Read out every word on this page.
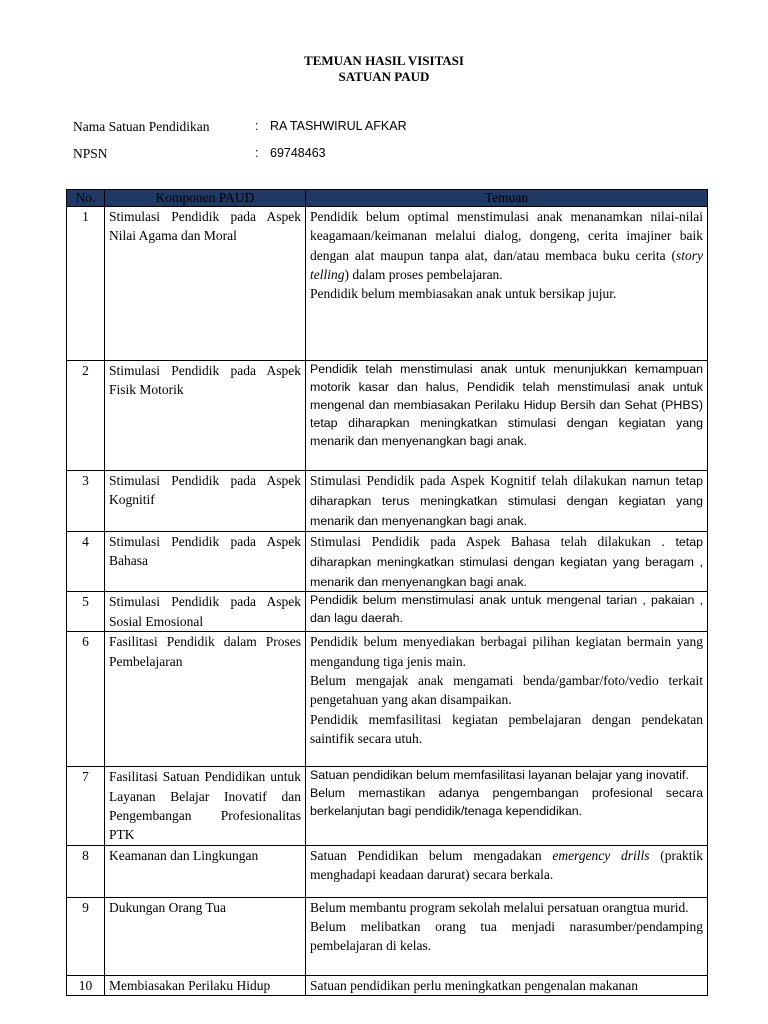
TEMUAN HASIL VISITASI
SATUAN PAUD
Nama Satuan Pendidikan	: RA TASHWIRUL AFKAR
NPSN	: 69748463
No.	Komponen PAUD	Temuan
1	Stimulasi Pendidik pada Aspek Nilai Agama dan Moral	Pendidik belum optimal menstimulasi anak menanamkan nilai-nilai keagamaan/keimanan melalui dialog, dongeng, cerita imajiner baik dengan alat maupun tanpa alat, dan/atau membaca buku cerita (story telling) dalam proses pembelajaran.

Pendidik belum membiasakan anak untuk bersikap jujur.

2	Stimulasi Pendidik pada Aspek Fisik Motorik	Pendidik telah menstimulasi anak untuk menunjukkan kemampuan motorik kasar dan halus, Pendidik telah menstimulasi anak untuk mengenal dan membiasakan Perilaku Hidup Bersih dan Sehat (PHBS) tetap diharapkan meningkatkan stimulasi dengan kegiatan yang menarik dan menyenangkan bagi anak.
3	Stimulasi Pendidik pada Aspek Kognitif	Stimulasi Pendidik pada Aspek Kognitif telah dilakukan namun tetap diharapkan terus meningkatkan stimulasi dengan kegiatan yang menarik dan menyenangkan bagi anak.
4	Stimulasi Pendidik pada Aspek Bahasa	Stimulasi Pendidik pada Aspek Bahasa telah dilakukan . tetap diharapkan meningkatkan stimulasi dengan kegiatan yang beragam , menarik dan menyenangkan bagi anak.
5	Stimulasi Pendidik pada Aspek Sosial Emosional	Pendidik belum menstimulasi anak untuk mengenal tarian , pakaian , dan lagu daerah.
6	Fasilitasi Pendidik dalam Proses Pembelajaran	Pendidik belum menyediakan berbagai pilihan kegiatan bermain yang mengandung tiga jenis main.

Belum mengajak anak mengamati benda/gambar/foto/vedio terkait pengetahuan yang akan disampaikan.

Pendidik memfasilitasi kegiatan pembelajaran dengan pendekatan saintifik secara utuh.

7	Fasilitasi Satuan Pendidikan untuk Layanan Belajar Inovatif dan Pengembangan Profesionalitas PTK	Satuan pendidikan belum memfasilitasi layanan belajar yang inovatif.

Belum memastikan adanya pengembangan profesional secara berkelanjutan bagi pendidik/tenaga kependidikan.

8	Keamanan dan Lingkungan	Satuan Pendidikan belum mengadakan emergency drills (praktik menghadapi keadaan darurat) secara berkala.
9	Dukungan Orang Tua	Belum membantu program sekolah melalui persatuan orangtua murid.

Belum melibatkan orang tua menjadi narasumber/pendamping pembelajaran di kelas.

10	Membiasakan Perilaku Hidup	Satuan pendidikan perlu meningkatkan pengenalan makanan
